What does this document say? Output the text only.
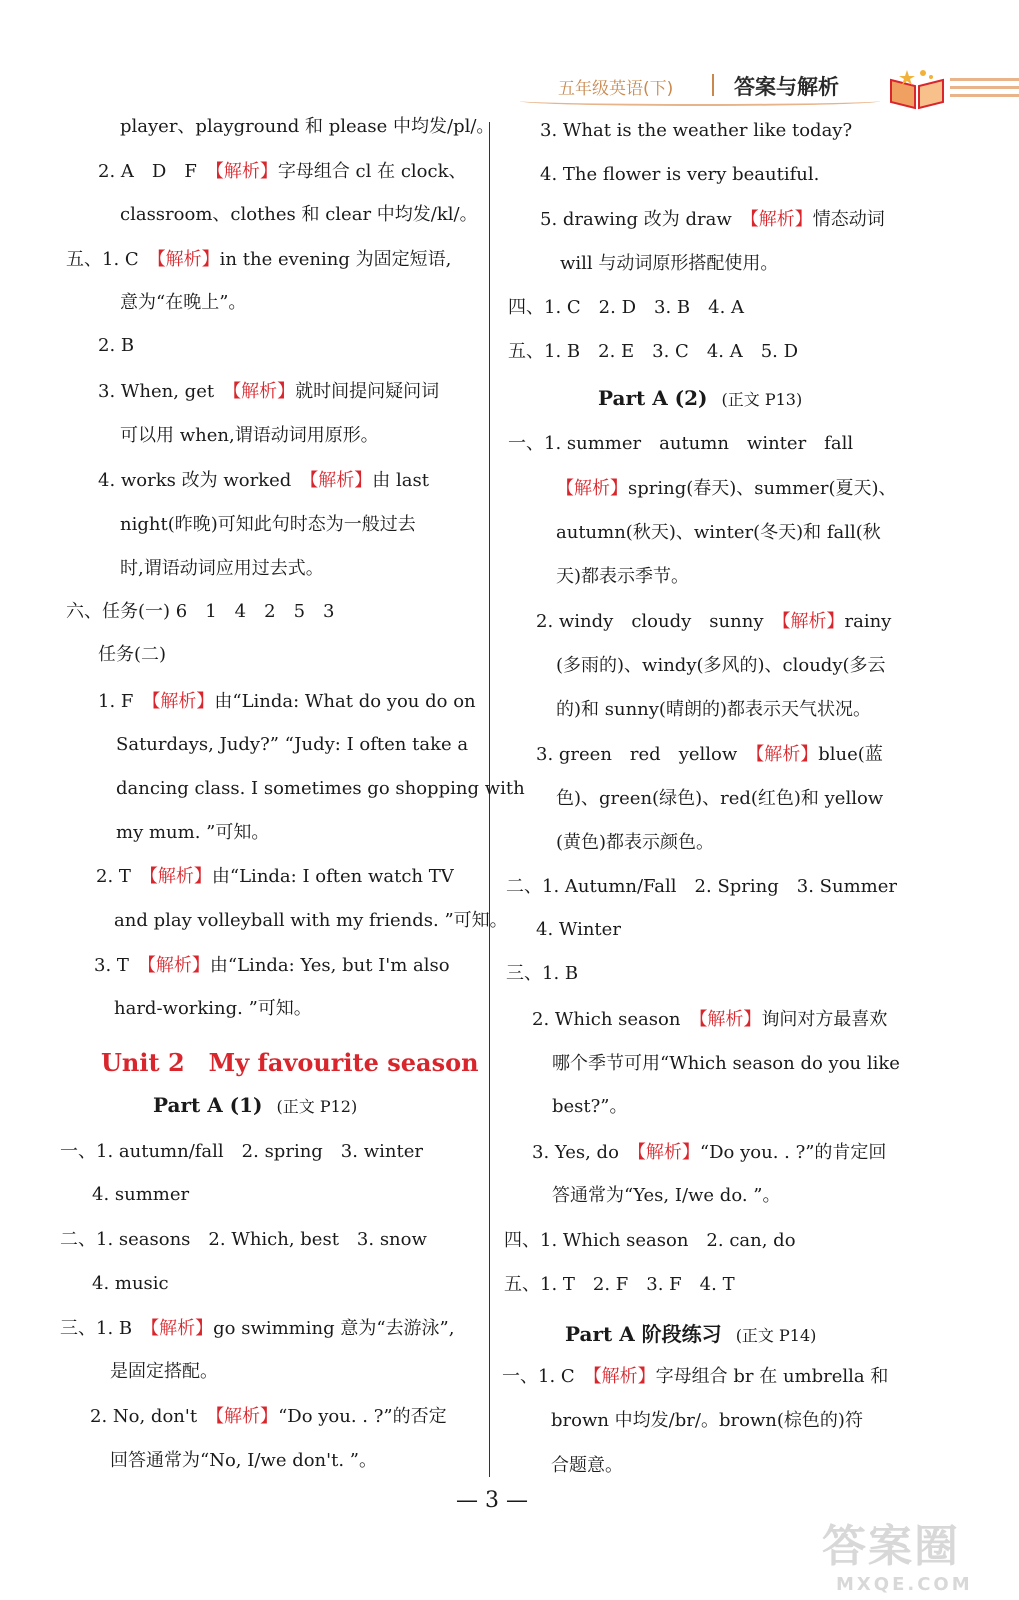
五年级英语(下)	答案与解析
player、playground 和 please 中均发/pl/。
2. A　D　F　【解析】字母组合 cl 在 clock、
classroom、clothes 和 clear 中均发/kl/。
五、1. C　【解析】in the evening 为固定短语,
意为“在晚上”。
2. B
3. When, get　【解析】就时间提问疑问词
可以用 when,谓语动词用原形。
4. works 改为 worked　【解析】由 last
night(昨晚)可知此句时态为一般过去
时,谓语动词应用过去式。
六、任务(一) 6　1　4　2　5　3
任务(二)
1. F　【解析】由“Linda: What do you do on
Saturdays, Judy?” “Judy: I often take a
dancing class. I sometimes go shopping with
my mum. ”可知。
2. T　【解析】由“Linda: I often watch TV
and play volleyball with my friends. ”可知。
3. T　【解析】由“Linda: Yes, but I'm also
hard-working. ”可知。
Unit 2　My favourite season
Part A (1) (正文 P12)
一、1. autumn/fall　2. spring　3. winter
4. summer
二、1. seasons　2. Which, best　3. snow
4. music
三、1. B　【解析】go swimming 意为“去游泳”,
是固定搭配。
2. No, don't　【解析】“Do you. . ?”的否定
回答通常为“No, I/we don't. ”。
3. What is the weather like today?
4. The flower is very beautiful.
5. drawing 改为 draw　【解析】情态动词
will 与动词原形搭配使用。
四、1. C　2. D　3. B　4. A
五、1. B　2. E　3. C　4. A　5. D
Part A (2) (正文 P13)
一、1. summer　autumn　winter　fall
【解析】spring(春天)、summer(夏天)、
autumn(秋天)、winter(冬天)和 fall(秋
天)都表示季节。
2. windy　cloudy　sunny　【解析】rainy
(多雨的)、windy(多风的)、cloudy(多云
的)和 sunny(晴朗的)都表示天气状况。
3. green　red　yellow　【解析】blue(蓝
色)、green(绿色)、red(红色)和 yellow
(黄色)都表示颜色。
二、1. Autumn/Fall　2. Spring　3. Summer
4. Winter
三、1. B
2. Which season　【解析】询问对方最喜欢
哪个季节可用“Which season do you like
best?”。
3. Yes, do　【解析】“Do you. . ?”的肯定回
答通常为“Yes, I/we do. ”。
四、1. Which season　2. can, do
五、1. T　2. F　3. F　4. T
Part A 阶段练习 (正文 P14)
一、1. C　【解析】字母组合 br 在 umbrella 和
brown 中均发/br/。brown(棕色的)符
合题意。
— 3 —
答案圈
MXQE.COM
